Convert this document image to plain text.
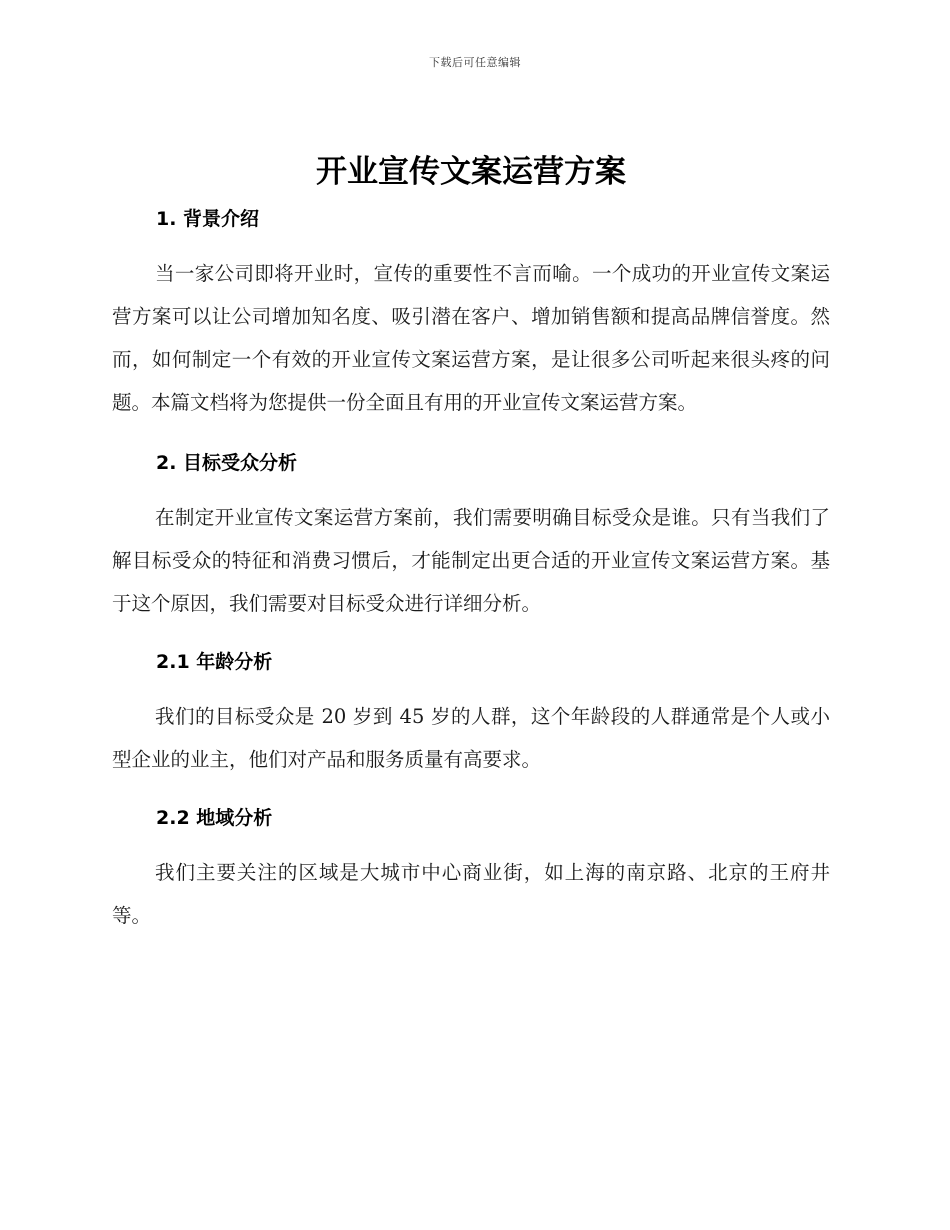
下载后可任意编辑
开业宣传文案运营方案
1. 背景介绍

当一家公司即将开业时，宣传的重要性不言而喻。一个成功的开业宣传文案运营方案可以让公司增加知名度、吸引潜在客户、增加销售额和提高品牌信誉度。然而，如何制定一个有效的开业宣传文案运营方案，是让很多公司听起来很头疼的问题。本篇文档将为您提供一份全面且有用的开业宣传文案运营方案。

2. 目标受众分析

在制定开业宣传文案运营方案前，我们需要明确目标受众是谁。只有当我们了解目标受众的特征和消费习惯后，才能制定出更合适的开业宣传文案运营方案。基于这个原因，我们需要对目标受众进行详细分析。

2.1 年龄分析

我们的目标受众是 20 岁到 45 岁的人群，这个年龄段的人群通常是个人或小型企业的业主，他们对产品和服务质量有高要求。

2.2 地域分析

我们主要关注的区域是大城市中心商业街，如上海的南京路、北京的王府井等。
